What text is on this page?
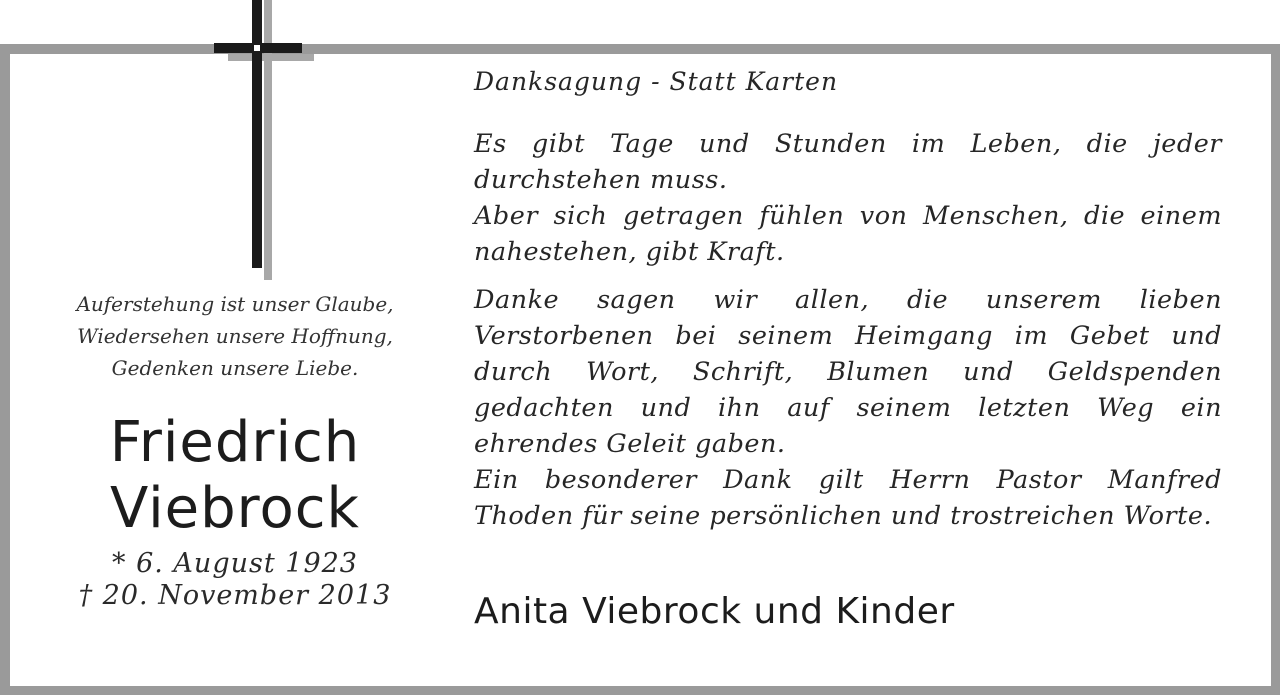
Auferstehung ist unser Glaube,
Wiedersehen unsere Hoffnung,
Gedenken unsere Liebe.
Friedrich
Viebrock
* 6. August 1923
† 20. November 2013
Danksagung - Statt Karten

Es gibt Tage und Stunden im Leben, die jeder durchstehen muss.

Aber sich getragen fühlen von Menschen, die einem nahestehen, gibt Kraft.

Danke sagen wir allen, die unserem lieben Verstorbenen bei seinem Heimgang im Gebet und durch Wort, Schrift, Blumen und Geldspenden gedachten und ihn auf seinem letzten Weg ein ehrendes Geleit gaben.

Ein besonderer Dank gilt Herrn Pastor Manfred Thoden für seine persönlichen und trostreichen Worte.

Anita Viebrock und Kinder
